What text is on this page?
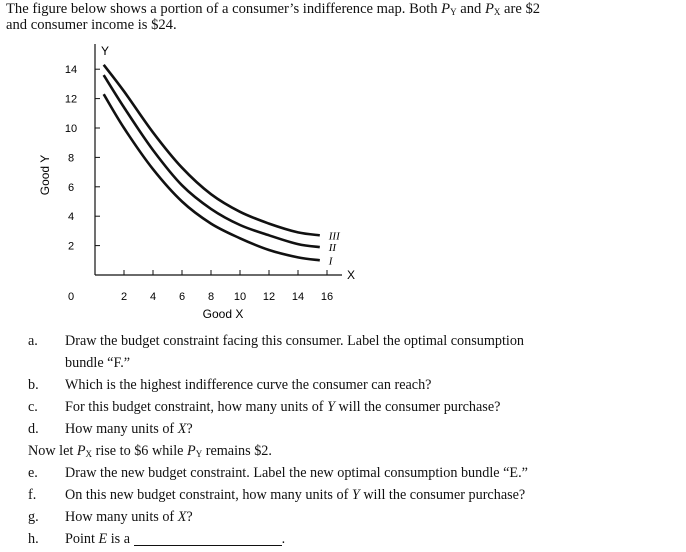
The figure below shows a portion of a consumer’s indifference map. Both $P_Y$ and $P_X$ are $2
and consumer income is $24.
Y
X
Good X
Good Y
2
4
6
8
10
12
14
0	2 4 6 8 10 12 14 16
I
II
III
a. Draw the budget constraint facing this consumer. Label the optimal consumption
bundle “F.”
b. Which is the highest indifference curve the consumer can reach?
c. For this budget constraint, how many units of Y will the consumer purchase?
d. How many units of X?
Now let $P_X$ rise to $6 while $P_Y$ remains $2.
e. Draw the new budget constraint. Label the new optimal consumption bundle “E.”
f. On this new budget constraint, how many units of Y will the consumer purchase?
g. How many units of X?
h. Point E is a	.
